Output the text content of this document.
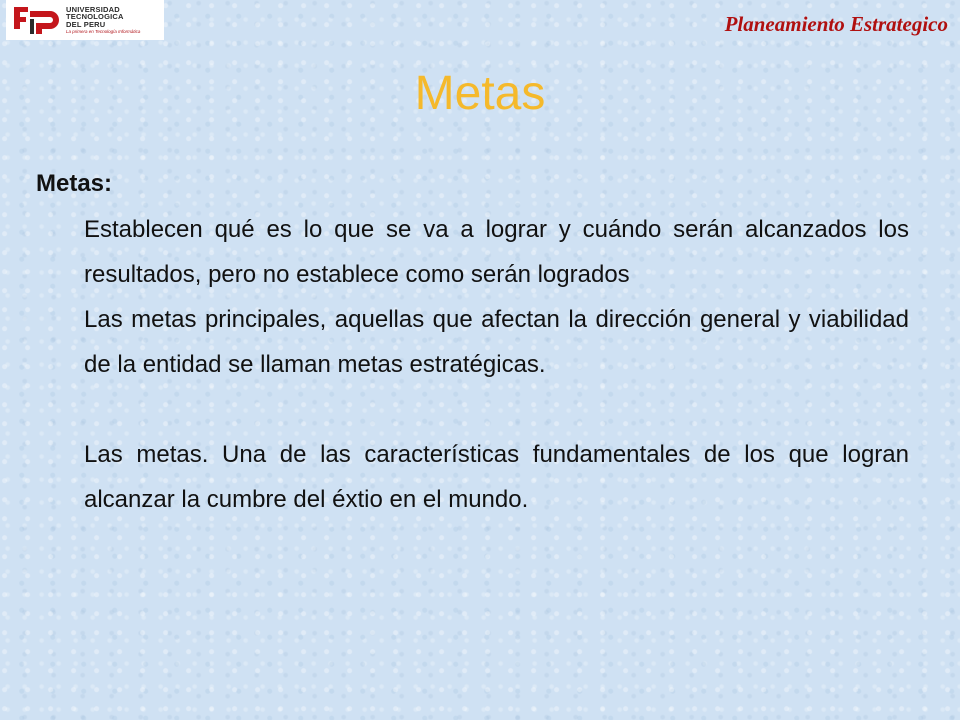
UNIVERSIDAD
TECNOLOGICA
DEL PERU
La primera en Tecnología Informática	Planeamiento Estrategico
Metas
Metas:

Establecen qué es lo que se va a lograr y cuándo serán alcanzados los resultados, pero no establece como serán logrados

Las metas principales, aquellas que afectan la dirección general y viabilidad de la entidad se llaman metas estratégicas.

Las metas. Una de las características fundamentales de los que logran alcanzar la cumbre del éxtio en el mundo.
